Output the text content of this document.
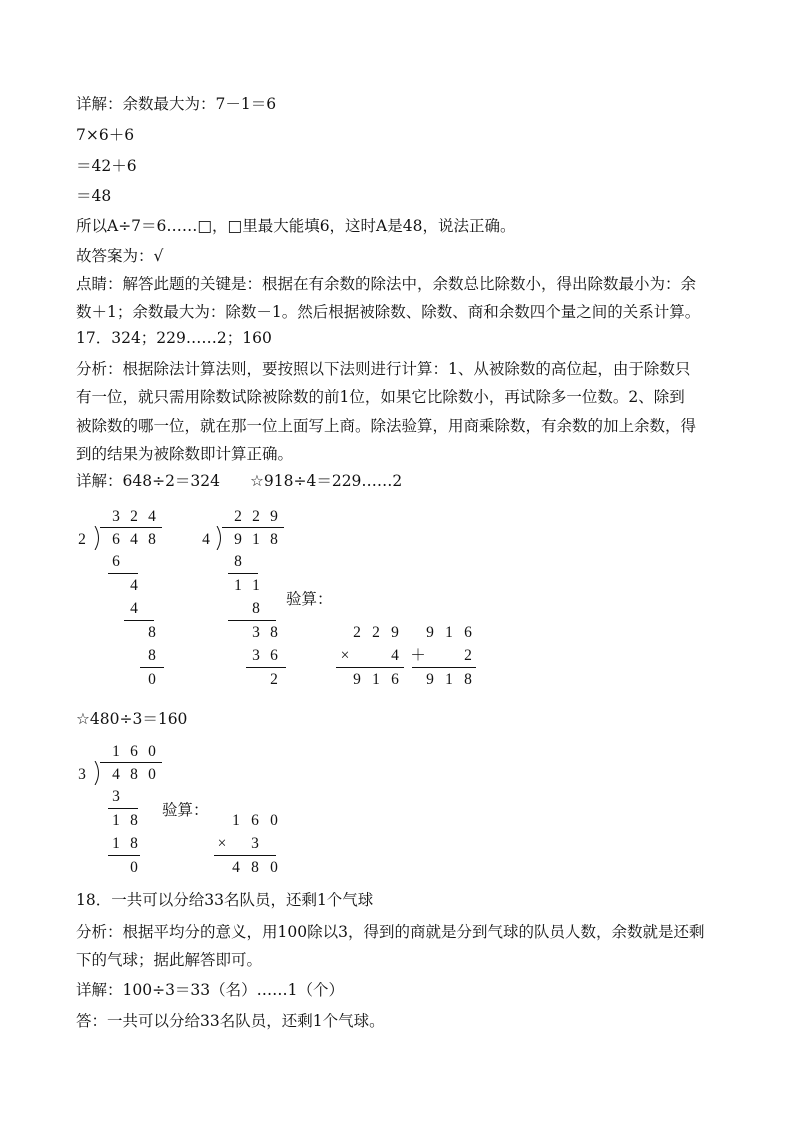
详解：余数最大为：7－1＝6
7×6＋6
＝42＋6
＝48
所以A÷7＝6……□，□里最大能填6，这时A是48，说法正确。
故答案为：√
点睛：解答此题的关键是：根据在有余数的除法中，余数总比除数小，得出除数最小为：余
数＋1；余数最大为：除数－1。然后根据被除数、除数、商和余数四个量之间的关系计算。
17．324；229……2；160
分析：根据除法计算法则，要按照以下法则进行计算：1、从被除数的高位起，由于除数只
有一位，就只需用除数试除被除数的前1位，如果它比除数小，再试除多一位数。2、除到
被除数的哪一位，就在那一位上面写上商。除法验算，用商乘除数，有余数的加上余数，得
到的结果为被除数即计算正确。
详解：648÷2＝324 ☆918÷4＝229……2
3 2 4
2	6 4 8
6
4
4
8
8
0
2 2 9
4	9 1 8
8
1 1
8
3 8
3 6
2
验算：
2 2 9
×	4
9 1 6
9 1 6
＋	2
9 1 8
☆480÷3＝160
1 6 0
3	4 8 0
3
1 8
1 8
0
验算：
1 6 0
×	3
4 8 0
18．一共可以分给33名队员，还剩1个气球
分析：根据平均分的意义，用100除以3，得到的商就是分到气球的队员人数，余数就是还剩
下的气球；据此解答即可。
详解：100÷3＝33（名）……1（个）
答：一共可以分给33名队员，还剩1个气球。
